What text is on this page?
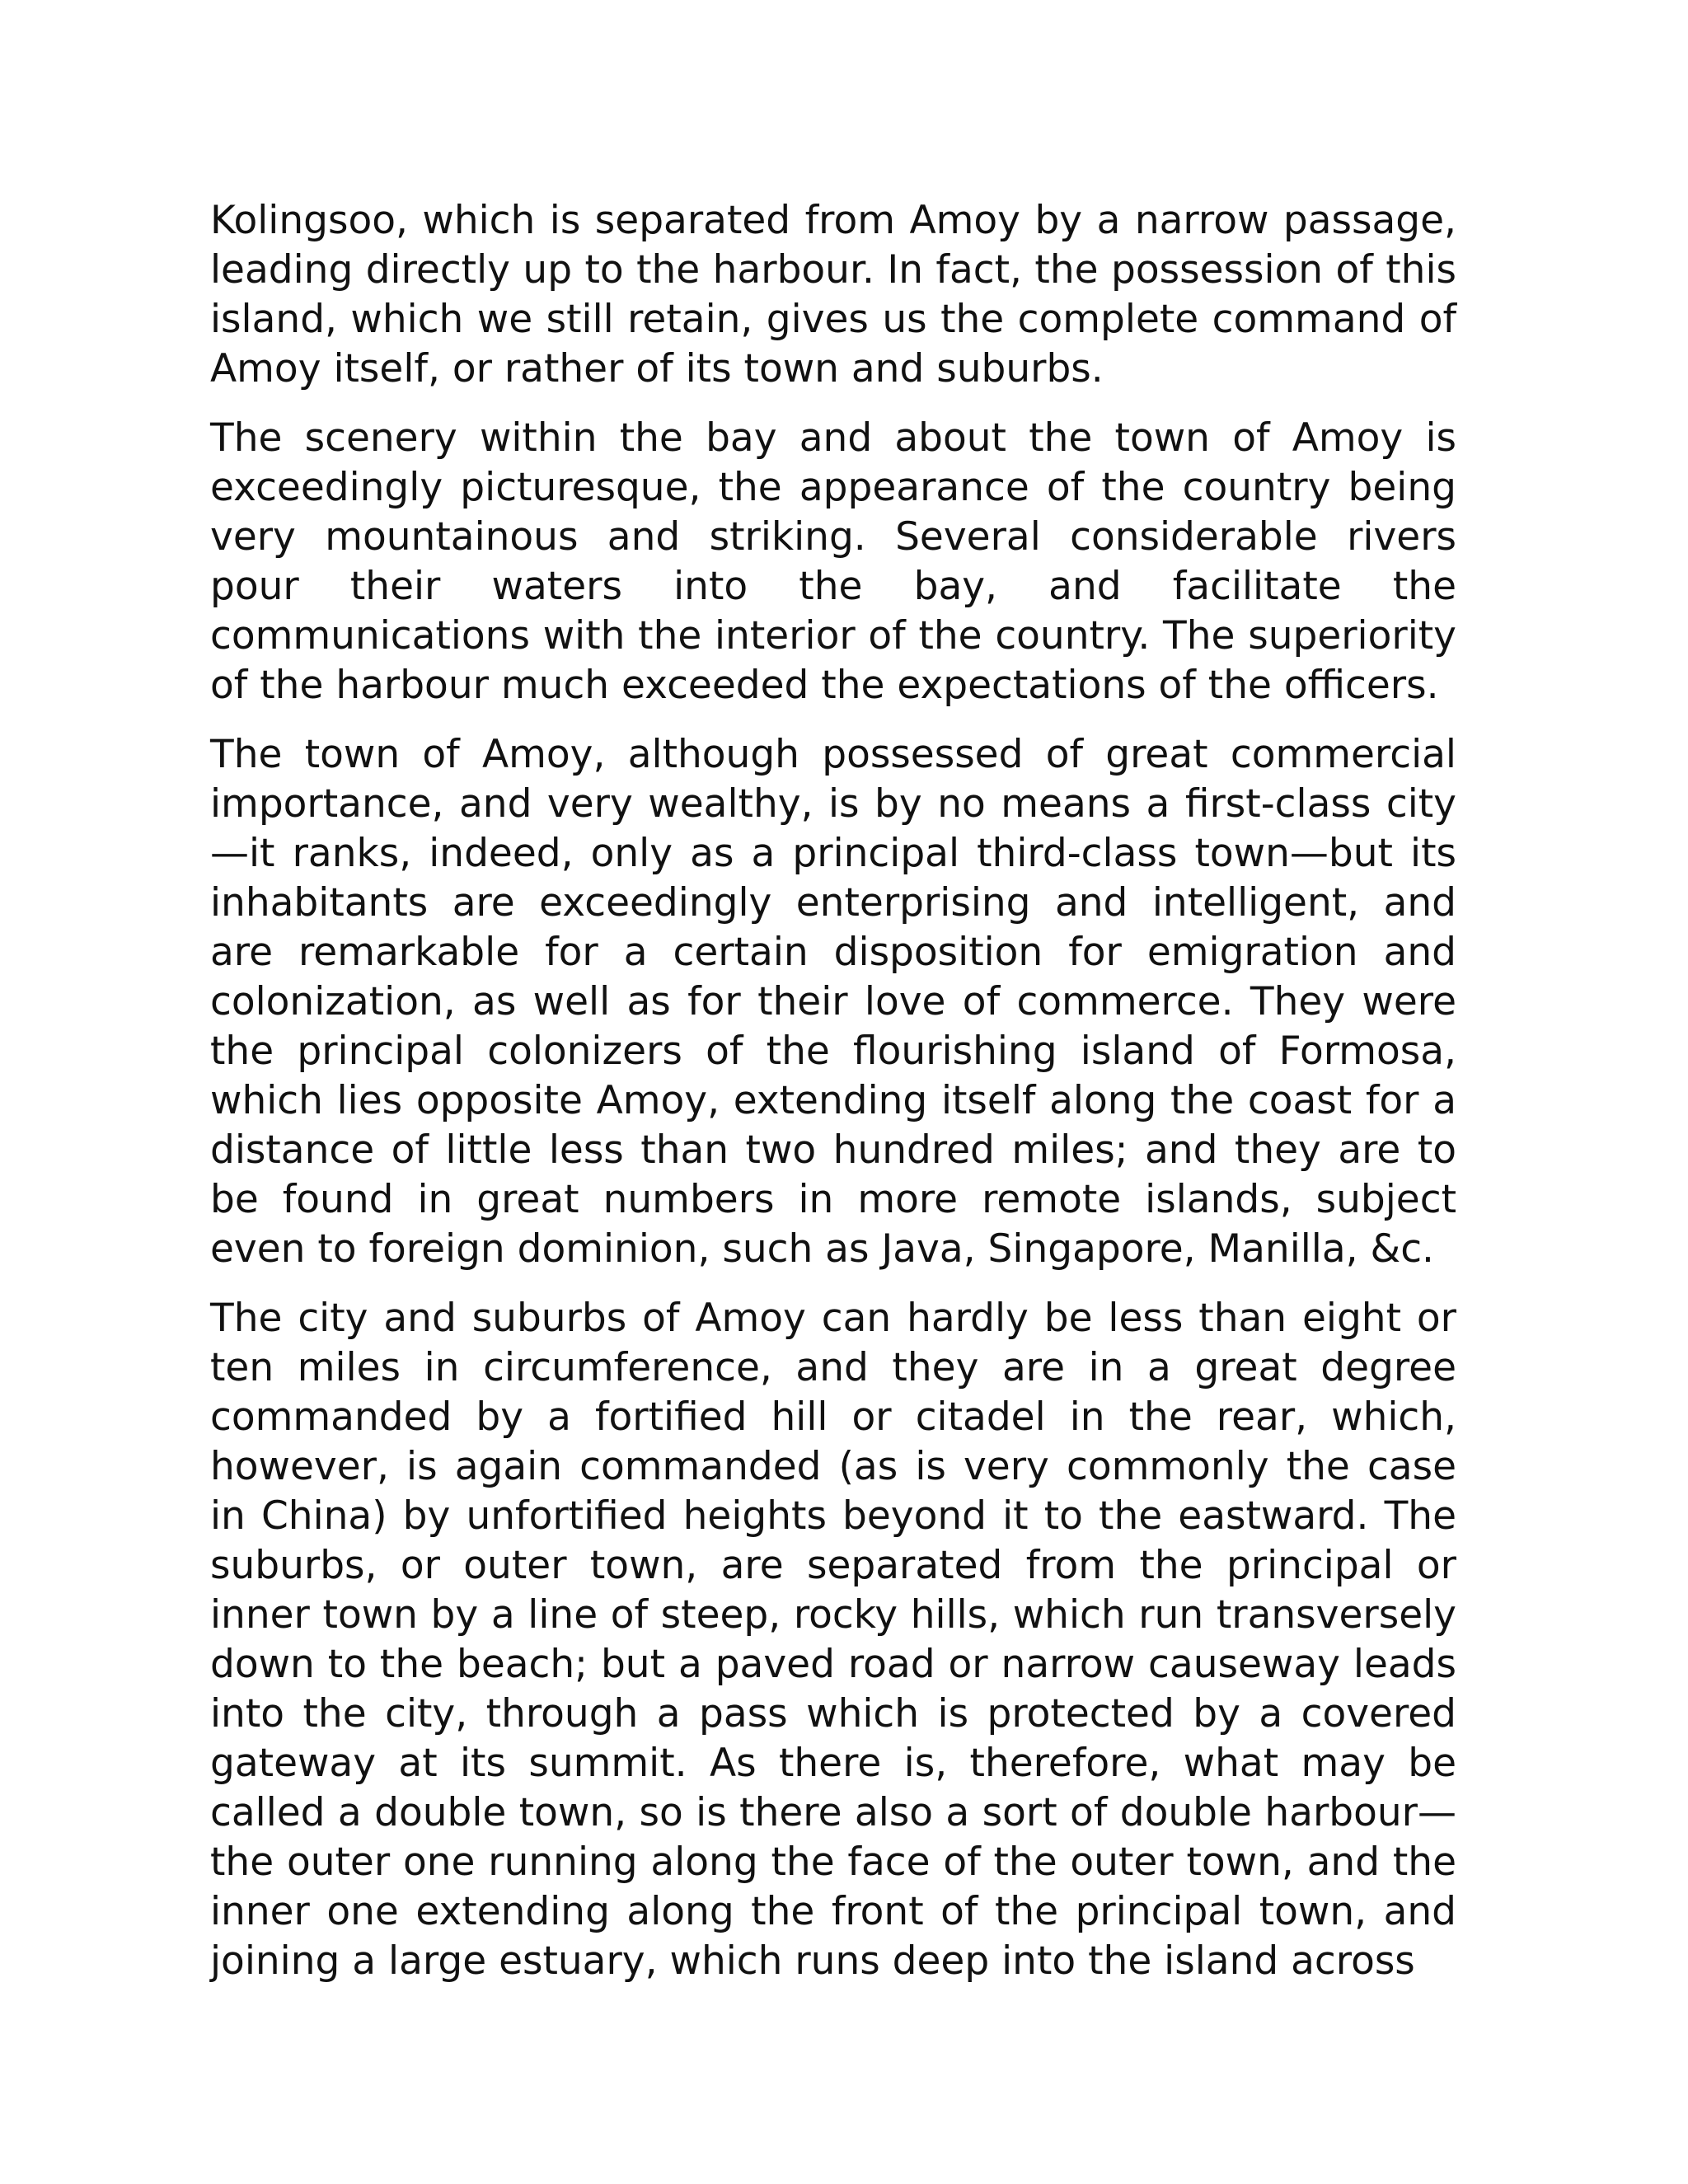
Kolingsoo, which is separated from Amoy by a narrow passage, leading directly up to the harbour. In fact, the possession of this island, which we still retain, gives us the complete command of Amoy itself, or rather of its town and suburbs.

The scenery within the bay and about the town of Amoy is exceedingly picturesque, the appearance of the country being very mountainous and striking. Several considerable rivers pour their waters into the bay, and facilitate the communications with the interior of the country. The superiority of the harbour much exceeded the expectations of the officers.

The town of Amoy, although possessed of great commercial importance, and very wealthy, is by no means a first-class city—it ranks, indeed, only as a principal third-class town—but its inhabitants are exceedingly enterprising and intelligent, and are remarkable for a certain disposition for emigration and colonization, as well as for their love of commerce. They were the principal colonizers of the flourishing island of Formosa, which lies opposite Amoy, extending itself along the coast for a distance of little less than two hundred miles; and they are to be found in great numbers in more remote islands, subject even to foreign dominion, such as Java, Singapore, Manilla, &c.

The city and suburbs of Amoy can hardly be less than eight or ten miles in circumference, and they are in a great degree commanded by a fortified hill or citadel in the rear, which, however, is again commanded (as is very commonly the case in China) by unfortified heights beyond it to the eastward. The suburbs, or outer town, are separated from the principal or inner town by a line of steep, rocky hills, which run transversely down to the beach; but a paved road or narrow causeway leads into the city, through a pass which is protected by a covered gateway at its summit. As there is, therefore, what may be called a double town, so is there also a sort of double harbour—the outer one running along the face of the outer town, and the inner one extending along the front of the principal town, and joining a large estuary, which runs deep into the island across
